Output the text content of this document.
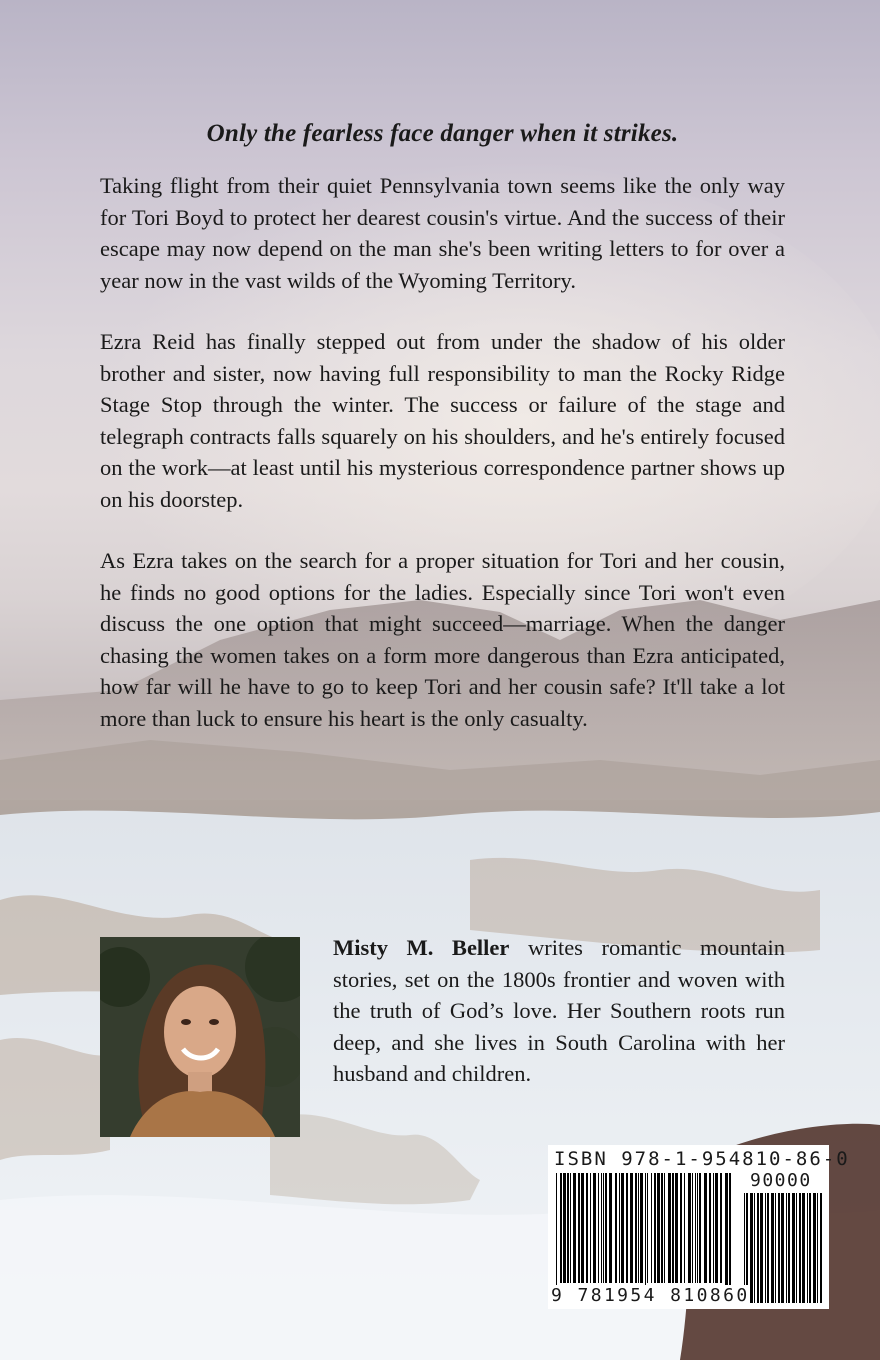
Only the fearless face danger when it strikes.

Taking flight from their quiet Pennsylvania town seems like the only way for Tori Boyd to protect her dearest cousin's virtue. And the success of their escape may now depend on the man she's been writing letters to for over a year now in the vast wilds of the Wyoming Territory.

Ezra Reid has finally stepped out from under the shadow of his older brother and sister, now having full responsibility to man the Rocky Ridge Stage Stop through the winter. The success or failure of the stage and telegraph contracts falls squarely on his shoulders, and he's entirely focused on the work—at least until his mysterious correspondence partner shows up on his doorstep.

As Ezra takes on the search for a proper situation for Tori and her cousin, he finds no good options for the ladies. Especially since Tori won't even discuss the one option that might succeed—marriage. When the danger chasing the women takes on a form more dangerous than Ezra anticipated, how far will he have to go to keep Tori and her cousin safe? It'll take a lot more than luck to ensure his heart is the only casualty.

Misty M. Beller writes romantic mountain stories, set on the 1800s frontier and woven with the truth of God’s love. Her Southern roots run deep, and she lives in South Carolina with her husband and children.

ISBN 978-1-954810-86-0
90000
9 781954 810860
